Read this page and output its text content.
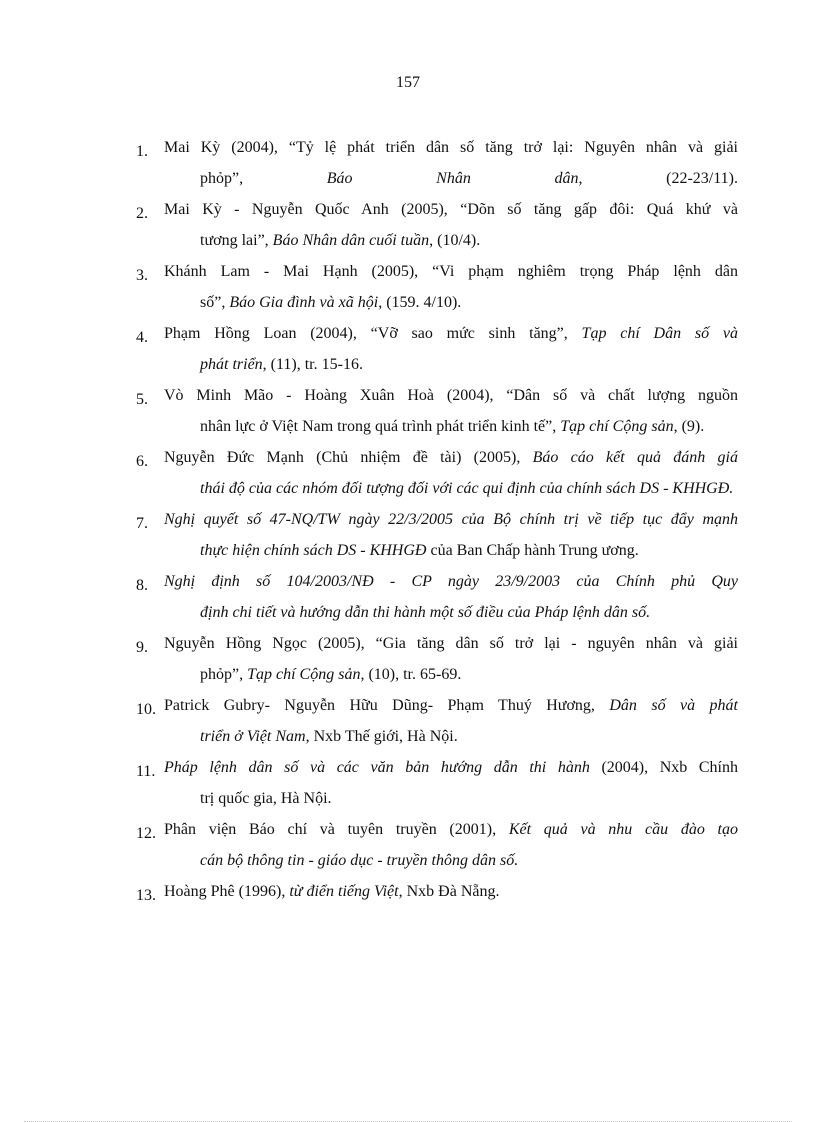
157
1. Mai Kỳ (2004), “Tỷ lệ phát triển dân số tăng trở lại: Nguyên nhân và giải
phỏp”, Báo Nhân dân, (22-23/11).
2. Mai Kỳ - Nguyễn Quốc Anh (2005), “Dõn số tăng gấp đôi: Quá khứ và
tương lai”, Báo Nhân dân cuối tuần, (10/4).
3. Khánh Lam - Mai Hạnh (2005), “Vi phạm nghiêm trọng Pháp lệnh dân
số”, Báo Gia đình và xã hội, (159. 4/10).
4. Phạm Hồng Loan (2004), “Vỡ sao mức sinh tăng”, Tạp chí Dân số và
phát triển, (11), tr. 15-16.
5. Vò Minh Mão - Hoàng Xuân Hoà (2004), “Dân số và chất lượng nguồn
nhân lực ở Việt Nam trong quá trình phát triển kinh tế”, Tạp chí Cộng sản, (9).
6. Nguyễn Đức Mạnh (Chủ nhiệm đề tài) (2005), Báo cáo kết quả đánh giá
thái độ của các nhóm đối tượng đối với các qui định của chính sách DS - KHHGĐ.
7. Nghị quyết số 47-NQ/TW ngày 22/3/2005 của Bộ chính trị về tiếp tục đẩy mạnh
thực hiện chính sách DS - KHHGĐ của Ban Chấp hành Trung ương.
8. Nghị định số 104/2003/NĐ - CP ngày 23/9/2003 của Chính phủ Quy
định chi tiết và hướng dẫn thi hành một số điều của Pháp lệnh dân số.
9. Nguyễn Hồng Ngọc (2005), “Gia tăng dân số trở lại - nguyên nhân và giải
phỏp”, Tạp chí Cộng sản, (10), tr. 65-69.
10. Patrick Gubry- Nguyễn Hữu Dũng- Phạm Thuý Hương, Dân số và phát
triển ở Việt Nam, Nxb Thế giới, Hà Nội.
11. Pháp lệnh dân số và các văn bản hướng dẫn thi hành (2004), Nxb Chính
trị quốc gia, Hà Nội.
12. Phân viện Báo chí và tuyên truyền (2001), Kết quả và nhu cầu đào tạo
cán bộ thông tin - giáo dục - truyền thông dân số.
13. Hoàng Phê (1996), từ điển tiếng Việt, Nxb Đà Nẵng.
